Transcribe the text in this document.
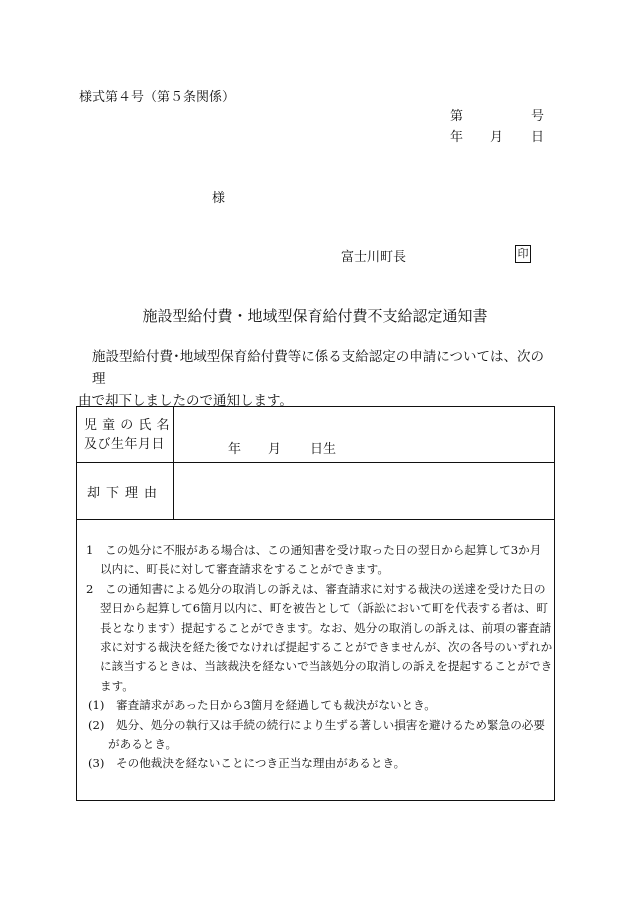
様式第４号（第５条関係）
第	号
年 月 日
様
富士川町長	印
施設型給付費・地域型保育給付費不支給認定通知書
施設型給付費･地域型保育給付費等に係る支給認定の申請については、次の理
由で却下しましたので通知します。
児 童 の 氏 名
及び生年月日	年 月 日生
却下理由
1　この処分に不服がある場合は、この通知書を受け取った日の翌日から起算して3か月
以内に、町長に対して審査請求をすることができます。
2　この通知書による処分の取消しの訴えは、審査請求に対する裁決の送達を受けた日の
翌日から起算して6箇月以内に、町を被告として（訴訟において町を代表する者は、町
長となります）提起することができます。なお、処分の取消しの訴えは、前項の審査請
求に対する裁決を経た後でなければ提起することができませんが、次の各号のいずれか
に該当するときは、当該裁決を経ないで当該処分の取消しの訴えを提起することができ
ます。
(1)　審査請求があった日から3箇月を経過しても裁決がないとき。
(2)　処分、処分の執行又は手続の続行により生ずる著しい損害を避けるため緊急の必要
があるとき。
(3)　その他裁決を経ないことにつき正当な理由があるとき。
